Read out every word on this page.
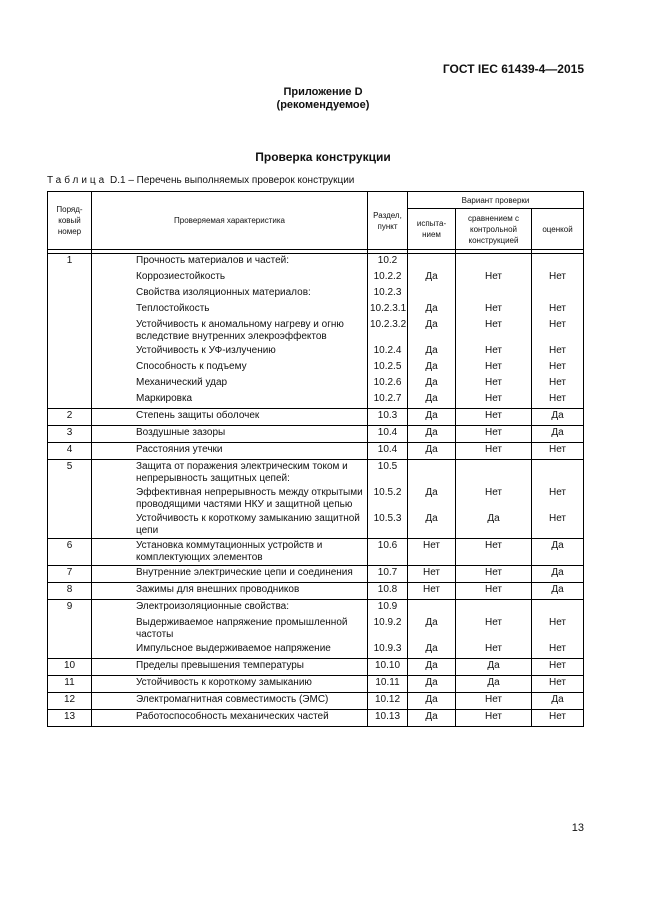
ГОСТ IEC 61439-4—2015
Приложение D
(рекомендуемое)
Проверка конструкции
Таблица D.1 – Перечень выполняемых проверок конструкции
Поряд-ковый номер	Проверяемая характеристика	Раздел, пункт	Вариант проверки		
			испыта-нием	сравнением с контрольной конструкцией	оценкой

1	Прочность материалов и частей:	10.2			
	Коррозиестойкость	10.2.2	Да	Нет	Нет
	Свойства изоляционных материалов:	10.2.3			
	Теплостойкость	10.2.3.1	Да	Нет	Нет
	Устойчивость к аномальному нагреву и огню вследствие внутренних элекроэффектов	10.2.3.2	Да	Нет	Нет
	Устойчивость к УФ-излучению	10.2.4	Да	Нет	Нет
	Способность к подъему	10.2.5	Да	Нет	Нет
	Механический удар	10.2.6	Да	Нет	Нет
	Маркировка	10.2.7	Да	Нет	Нет
2	Степень защиты оболочек	10.3	Да	Нет	Да
3	Воздушные зазоры	10.4	Да	Нет	Да
4	Расстояния утечки	10.4	Да	Нет	Нет
5	Защита от поражения электрическим током и непрерывность защитных цепей:	10.5			
	Эффективная непрерывность между открытыми проводящими частями НКУ и защитной цепью	10.5.2	Да	Нет	Нет
	Устойчивость к короткому замыканию защитной цепи	10.5.3	Да	Да	Нет
6	Установка коммутационных устройств и комплектующих элементов	10.6	Нет	Нет	Да
7	Внутренние электрические цепи и соединения	10.7	Нет	Нет	Да
8	Зажимы для внешних проводников	10.8	Нет	Нет	Да
9	Электроизоляционные свойства:	10.9			
	Выдерживаемое напряжение промышленной частоты	10.9.2	Да	Нет	Нет
	Импульсное выдерживаемое напряжение	10.9.3	Да	Нет	Нет
10	Пределы превышения температуры	10.10	Да	Да	Нет
11	Устойчивость к короткому замыканию	10.11	Да	Да	Нет
12	Электромагнитная совместимость (ЭМС)	10.12	Да	Нет	Да
13	Работоспособность механических частей	10.13	Да	Нет	Нет
13
